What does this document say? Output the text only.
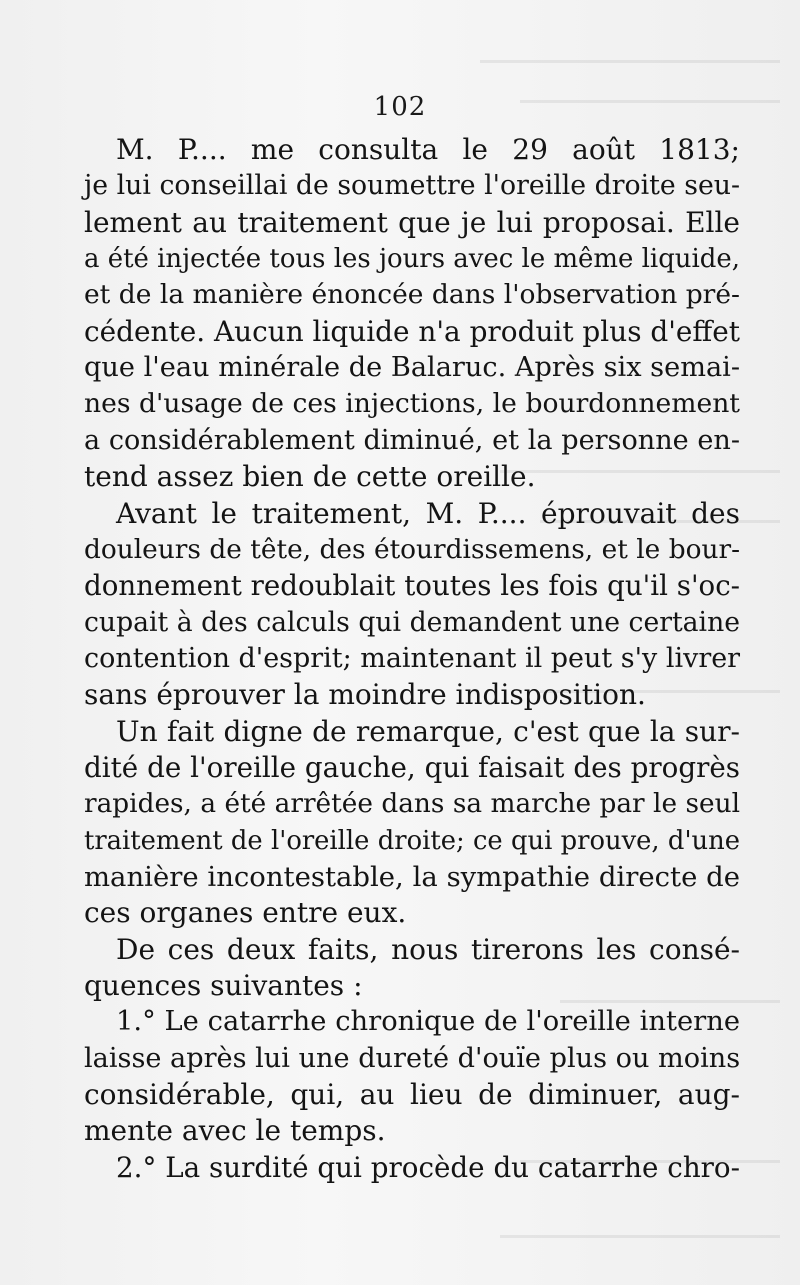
102
M. P.... me consulta le 29 août 1813;
je lui conseillai de soumettre l'oreille droite seu-
lement au traitement que je lui proposai. Elle
a été injectée tous les jours avec le même liquide,
et de la manière énoncée dans l'observation pré-
cédente. Aucun liquide n'a produit plus d'effet
que l'eau minérale de Balaruc. Après six semai-
nes d'usage de ces injections, le bourdonnement
a considérablement diminué, et la personne en-
tend assez bien de cette oreille.
Avant le traitement, M. P.... éprouvait des
douleurs de tête, des étourdissemens, et le bour-
donnement redoublait toutes les fois qu'il s'oc-
cupait à des calculs qui demandent une certaine
contention d'esprit; maintenant il peut s'y livrer
sans éprouver la moindre indisposition.
Un fait digne de remarque, c'est que la sur-
dité de l'oreille gauche, qui faisait des progrès
rapides, a été arrêtée dans sa marche par le seul
traitement de l'oreille droite; ce qui prouve, d'une
manière incontestable, la sympathie directe de
ces organes entre eux.
De ces deux faits, nous tirerons les consé-
quences suivantes :
1.° Le catarrhe chronique de l'oreille interne
laisse après lui une dureté d'ouïe plus ou moins
considérable, qui, au lieu de diminuer, aug-
mente avec le temps.
2.° La surdité qui procède du catarrhe chro-
